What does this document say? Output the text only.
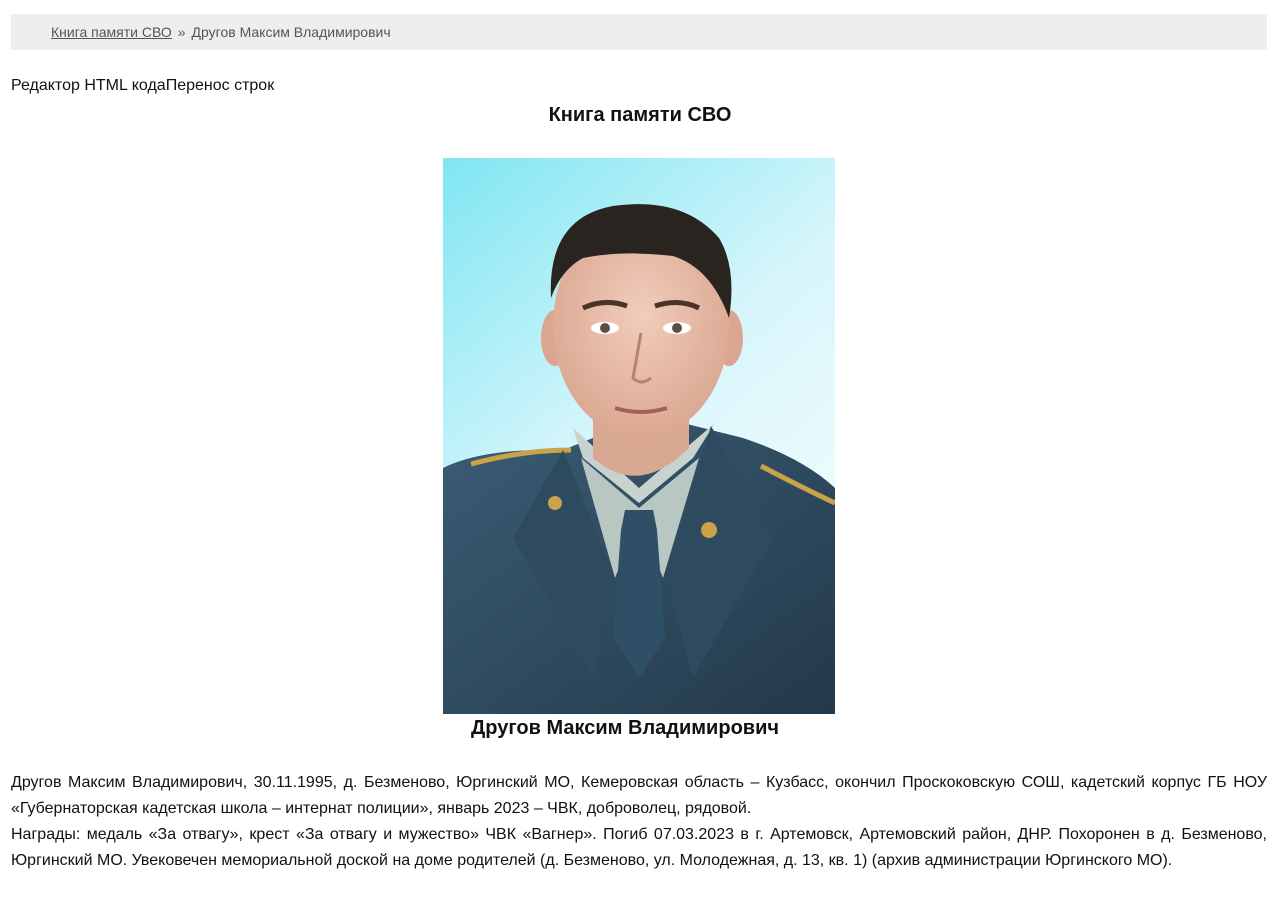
Книга памяти СВО » Другов Максим Владимирович
Редактор HTML кодаПеренос строк
Книга памяти СВО
Другов Максим Владимирович

Другов Максим Владимирович, 30.11.1995, д. Безменово, Юргинский МО, Кемеровская область – Кузбасс, окончил Проскоковскую СОШ, кадетский корпус ГБ НОУ «Губернаторская кадетская школа – интернат полиции», январь 2023 – ЧВК, доброволец, рядовой.

Награды: медаль «За отвагу», крест «За отвагу и мужество» ЧВК «Вагнер». Погиб 07.03.2023 в г. Артемовск, Артемовский район, ДНР. Похоронен в д. Безменово, Юргинский МО. Увековечен мемориальной доской на доме родителей (д. Безменово, ул. Молодежная, д. 13, кв. 1) (архив администрации Юргинского МО).
